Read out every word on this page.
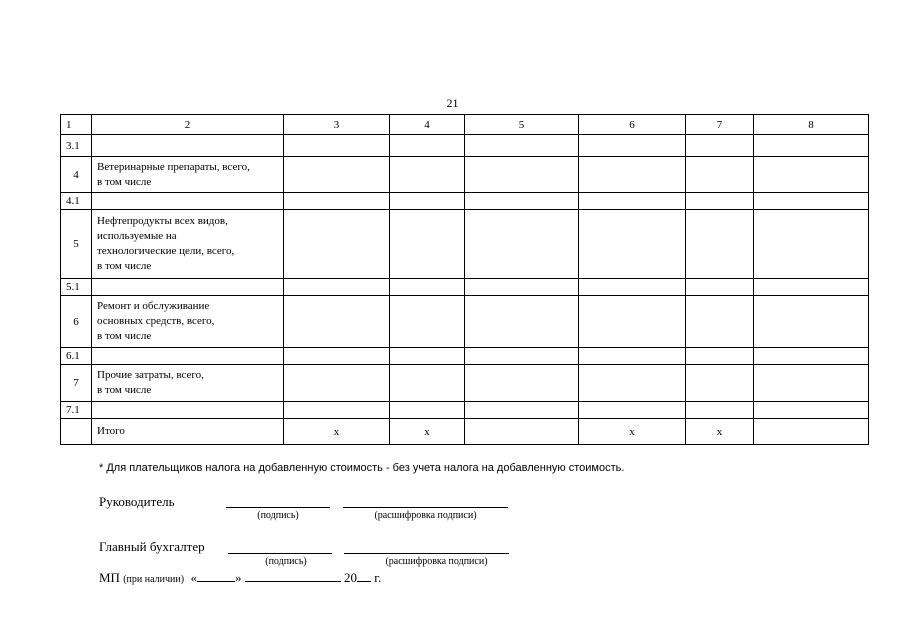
21
1	2	3	4	5	6	7	8
3.1							
4	Ветеринарные препараты, всего,
в том числе						
4.1							
5	Нефтепродукты всех видов,
используемые на
технологические цели, всего,
в том числе						
5.1							
6	Ремонт и обслуживание
основных средств, всего,
в том числе						
6.1							
7	Прочие затраты, всего,
в том числе						
7.1							
	Итого	x	x		x	x	
* Для плательщиков налога на добавленную стоимость - без учета налога на добавленную стоимость.
Руководитель
(подпись)	(расшифровка подписи)
Главный бухгалтер
(подпись)	(расшифровка подписи)
МП (при наличии) «	»	20 г.
